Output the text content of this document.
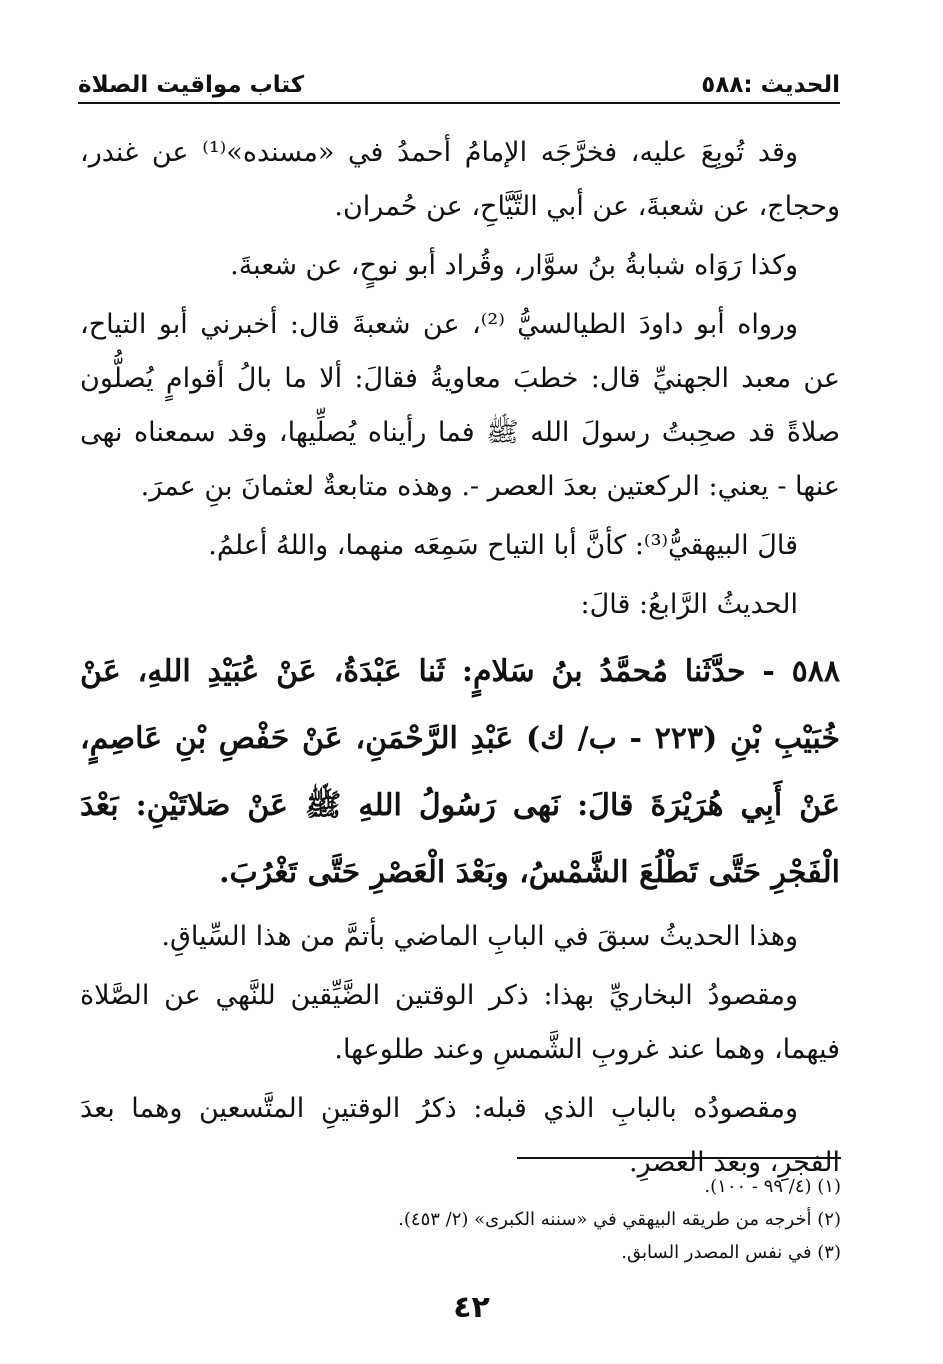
الحديث :٥٨٨
كتاب مواقيت الصلاة

وقد تُوبِعَ عليه، فخرَّجَه الإمامُ أحمدُ في «مسنده»⁽¹⁾ عن غندر، وحجاج، عن شعبةَ، عن أبي التَّيَّاحِ، عن حُمران.

وكذا رَوَاه شبابةُ بنُ سوَّار، وقُراد أبو نوحٍ، عن شعبةَ.

ورواه أبو داودَ الطيالسيُّ ⁽²⁾، عن شعبةَ قال: أخبرني أبو التياح، عن معبد الجهنيِّ قال: خطبَ معاويةُ فقالَ: ألا ما بالُ أقوامٍ يُصلُّون صلاةً قد صحِبتُ رسولَ الله ﷺ فما رأيناه يُصلِّيها، وقد سمعناه نهى عنها - يعني: الركعتين بعدَ العصر -. وهذه متابعةٌ لعثمانَ بنِ عمرَ.

قالَ البيهقيُّ⁽³⁾: كأنَّ أبا التياح سَمِعَه منهما، واللهُ أعلمُ.

الحديثُ الرَّابعُ: قالَ:

٥٨٨ - حدَّثَنا مُحمَّدُ بنُ سَلامٍ: ثَنا عَبْدَةُ، عَنْ عُبَيْدِ اللهِ، عَنْ خُبَيْبِ بْنِ (٢٢٣ - ب/ ك) عَبْدِ الرَّحْمَنِ، عَنْ حَفْصِ بْنِ عَاصِمٍ، عَنْ أَبِي هُرَيْرَةَ قالَ: نَهى رَسُولُ اللهِ ﷺ عَنْ صَلاتَيْنِ: بَعْدَ الْفَجْرِ حَتَّى تَطْلُعَ الشَّمْسُ، وبَعْدَ الْعَصْرِ حَتَّى تَغْرُبَ.

وهذا الحديثُ سبقَ في البابِ الماضي بأتمَّ من هذا السِّياقِ.

ومقصودُ البخاريِّ بهذا: ذكر الوقتين الضَّيِّقين للنَّهي عن الصَّلاة فيهما، وهما عند غروبِ الشَّمسِ وعند طلوعها.

ومقصودُه بالبابِ الذي قبله: ذكرُ الوقتينِ المتَّسعين وهما بعدَ الفجرِ، وبعد العصرِ.

(١) (٤/ ٩٩ - ١٠٠).

(٢) أخرجه من طريقه البيهقي في «سننه الكبرى» (٢/ ٤٥٣).

(٣) في نفس المصدر السابق.

٤٢
